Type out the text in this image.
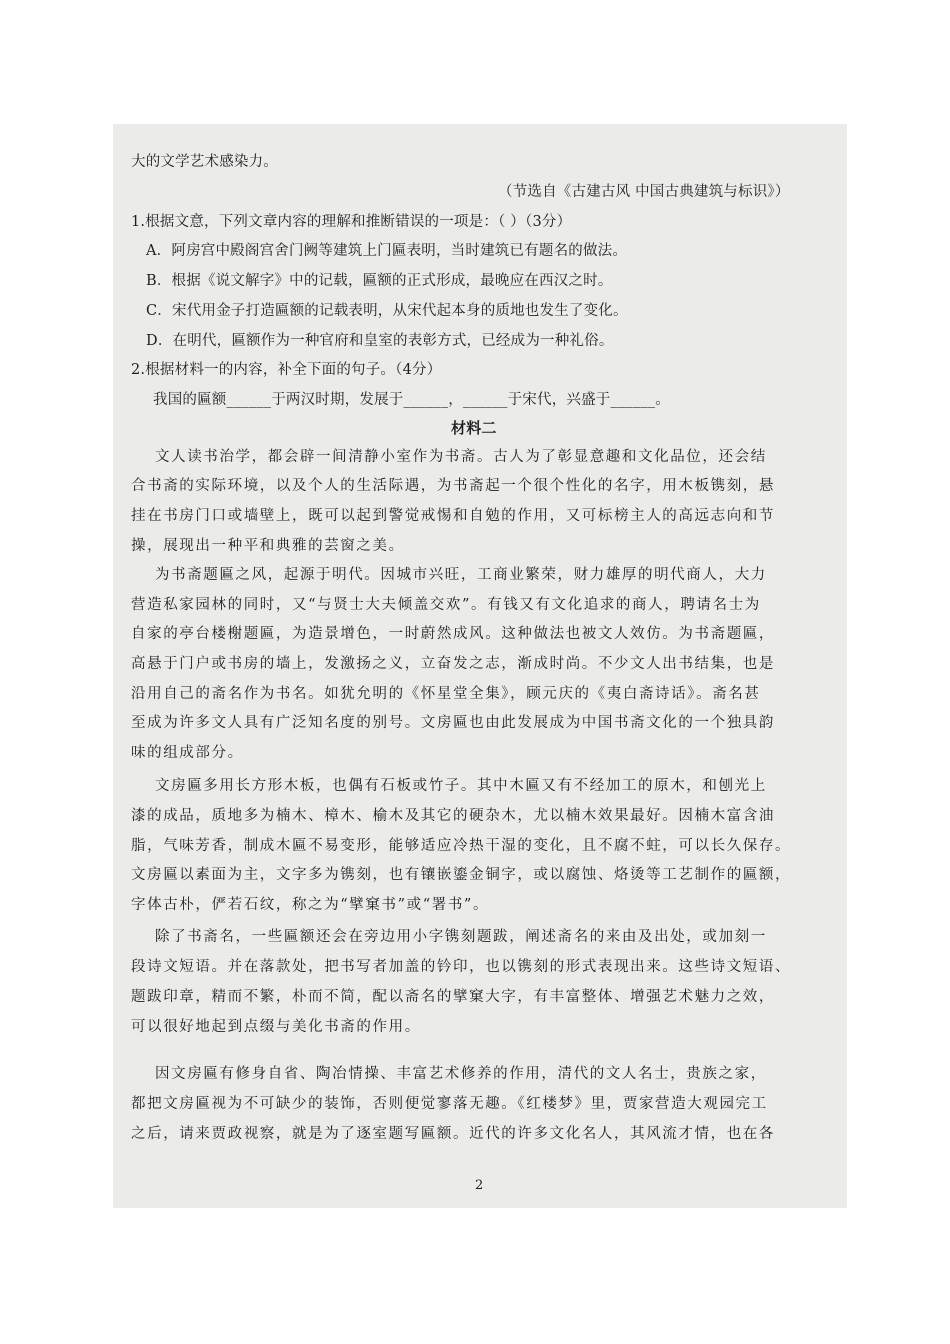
大的文学艺术感染力。
（节选自《古建古风 中国古典建筑与标识》）
1.根据文意，下列文章内容的理解和推断错误的一项是：（ ）（3分）
A．阿房宫中殿阁宫舍门阙等建筑上门匾表明，当时建筑已有题名的做法。
B．根据《说文解字》中的记载，匾额的正式形成，最晚应在西汉之时。
C．宋代用金子打造匾额的记载表明，从宋代起本身的质地也发生了变化。
D．在明代，匾额作为一种官府和皇室的表彰方式，已经成为一种礼俗。
2.根据材料一的内容，补全下面的句子。（4分）
我国的匾额______于两汉时期，发展于______，______于宋代，兴盛于______。
材料二
文人读书治学，都会辟一间清静小室作为书斋。古人为了彰显意趣和文化品位，还会结
合书斋的实际环境，以及个人的生活际遇，为书斋起一个很个性化的名字，用木板镌刻，悬
挂在书房门口或墙壁上，既可以起到警觉戒惕和自勉的作用，又可标榜主人的高远志向和节
操，展现出一种平和典雅的芸窗之美。
为书斋题匾之风，起源于明代。因城市兴旺，工商业繁荣，财力雄厚的明代商人，大力
营造私家园林的同时，又“与贤士大夫倾盖交欢”。有钱又有文化追求的商人，聘请名士为
自家的亭台楼榭题匾，为造景增色，一时蔚然成风。这种做法也被文人效仿。为书斋题匾，
高悬于门户或书房的墙上，发激扬之义，立奋发之志，渐成时尚。不少文人出书结集，也是
沿用自己的斋名作为书名。如犹允明的《怀星堂全集》，顾元庆的《夷白斋诗话》。斋名甚
至成为许多文人具有广泛知名度的别号。文房匾也由此发展成为中国书斋文化的一个独具韵
味的组成部分。
文房匾多用长方形木板，也偶有石板或竹子。其中木匾又有不经加工的原木，和刨光上
漆的成品，质地多为楠木、樟木、榆木及其它的硬杂木，尤以楠木效果最好。因楠木富含油
脂，气味芳香，制成木匾不易变形，能够适应冷热干湿的变化，且不腐不蛀，可以长久保存。
文房匾以素面为主，文字多为镌刻，也有镶嵌鎏金铜字，或以腐蚀、烙烫等工艺制作的匾额，
字体古朴，俨若石纹，称之为“擘窠书”或“署书”。
除了书斋名，一些匾额还会在旁边用小字镌刻题跋，阐述斋名的来由及出处，或加刻一
段诗文短语。并在落款处，把书写者加盖的钤印，也以镌刻的形式表现出来。这些诗文短语、
题跋印章，精而不繁，朴而不简，配以斋名的擘窠大字，有丰富整体、增强艺术魅力之效，
可以很好地起到点缀与美化书斋的作用。
因文房匾有修身自省、陶冶情操、丰富艺术修养的作用，清代的文人名士，贵族之家，
都把文房匾视为不可缺少的装饰，否则便觉寥落无趣。《红楼梦》里，贾家营造大观园完工
之后，请来贾政视察，就是为了逐室题写匾额。近代的许多文化名人，其风流才情，也在各
2
